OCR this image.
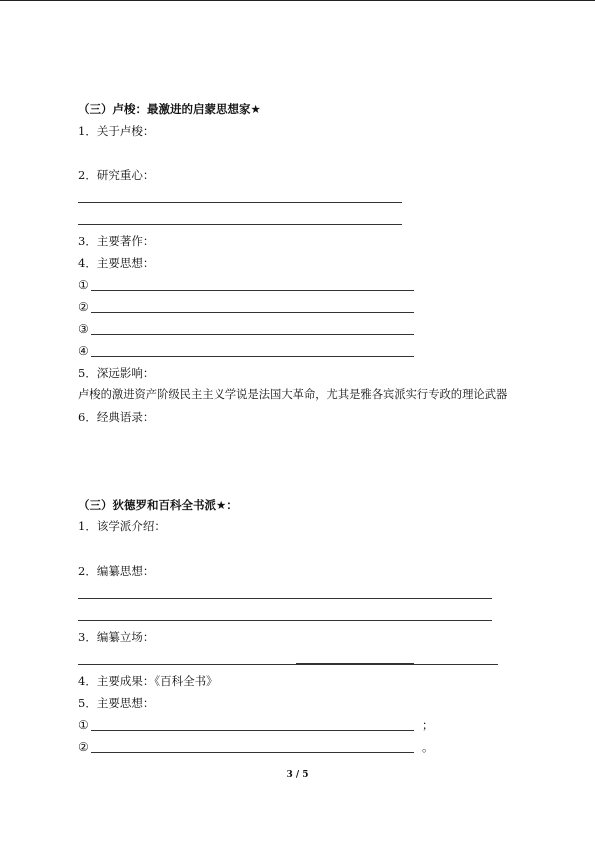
（三）卢梭：最激进的启蒙思想家★
1．关于卢梭：
2．研究重心：
3．主要著作：
4．主要思想：
①
②
③
④
5．深远影响：
卢梭的激进资产阶级民主主义学说是法国大革命，尤其是雅各宾派实行专政的理论武器
6．经典语录：
（三）狄德罗和百科全书派★：
1．该学派介绍：
2．编纂思想：
3．编纂立场：
4．主要成果：《百科全书》
5．主要思想：
①	；
②	。
3 / 5
